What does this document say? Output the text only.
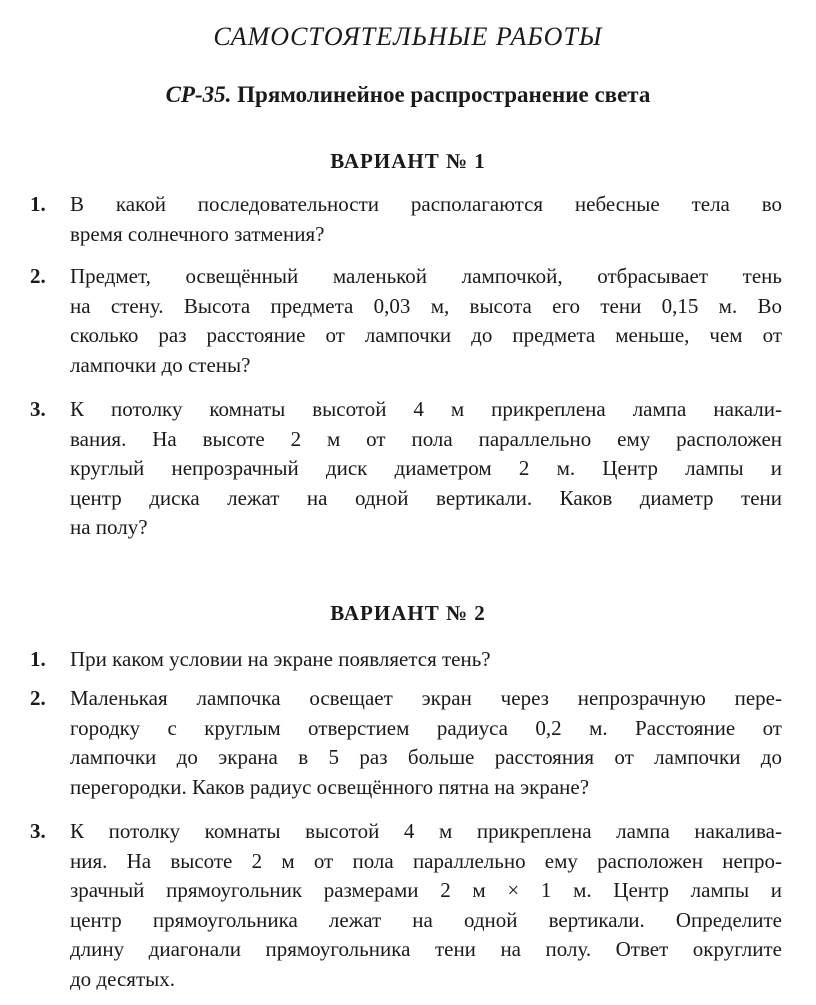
САМОСТОЯТЕЛЬНЫЕ РАБОТЫ
СР-35. Прямолинейное распространение света
ВАРИАНТ № 1
1. В какой последовательности располагаются небесные тела во
время солнечного затмения?

2. Предмет, освещённый маленькой лампочкой, отбрасывает тень
на стену. Высота предмета 0,03 м, высота его тени 0,15 м. Во
сколько раз расстояние от лампочки до предмета меньше, чем от
лампочки до стены?

3. К потолку комнаты высотой 4 м прикреплена лампа накали-
вания. На высоте 2 м от пола параллельно ему расположен
круглый непрозрачный диск диаметром 2 м. Центр лампы и
центр диска лежат на одной вертикали. Каков диаметр тени
на полу?

ВАРИАНТ № 2
1. При каком условии на экране появляется тень?

2. Маленькая лампочка освещает экран через непрозрачную пере-
городку с круглым отверстием радиуса 0,2 м. Расстояние от
лампочки до экрана в 5 раз больше расстояния от лампочки до
перегородки. Каков радиус освещённого пятна на экране?

3. К потолку комнаты высотой 4 м прикреплена лампа накалива-
ния. На высоте 2 м от пола параллельно ему расположен непро-
зрачный прямоугольник размерами 2 м × 1 м. Центр лампы и
центр прямоугольника лежат на одной вертикали. Определите
длину диагонали прямоугольника тени на полу. Ответ округлите
до десятых.
